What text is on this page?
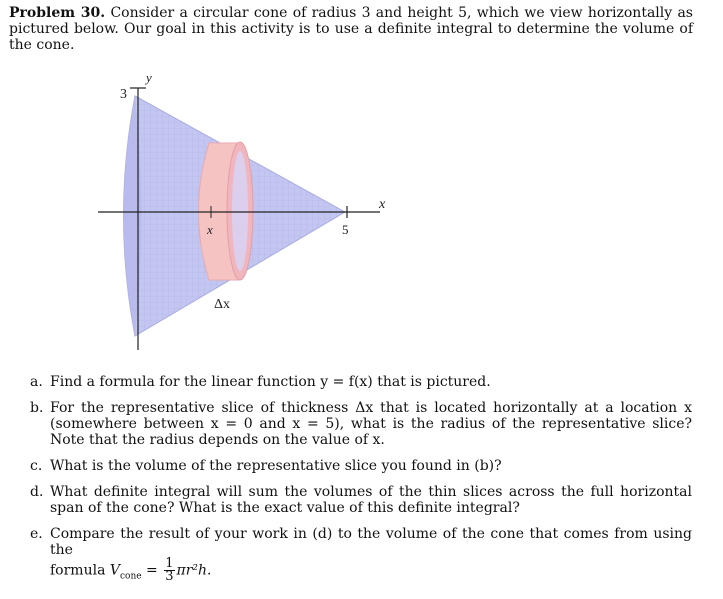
Problem 30. Consider a circular cone of radius 3 and height 5, which we view horizontally as pictured below. Our goal in this activity is to use a definite integral to determine the volume of the cone.
3
y
x
5
x
Δx
a. Find a formula for the linear function y = f(x) that is pictured.
b. For the representative slice of thickness Δx that is located horizontally at a location x (somewhere between x = 0 and x = 5), what is the radius of the representative slice? Note that the radius depends on the value of x.
c. What is the volume of the representative slice you found in (b)?
d. What definite integral will sum the volumes of the thin slices across the full horizontal span of the cone? What is the exact value of this definite integral?
e. Compare the result of your work in (d) to the volume of the cone that comes from using the
formula $V_{cone} = \frac{1}{3} \pi r^2h$.
